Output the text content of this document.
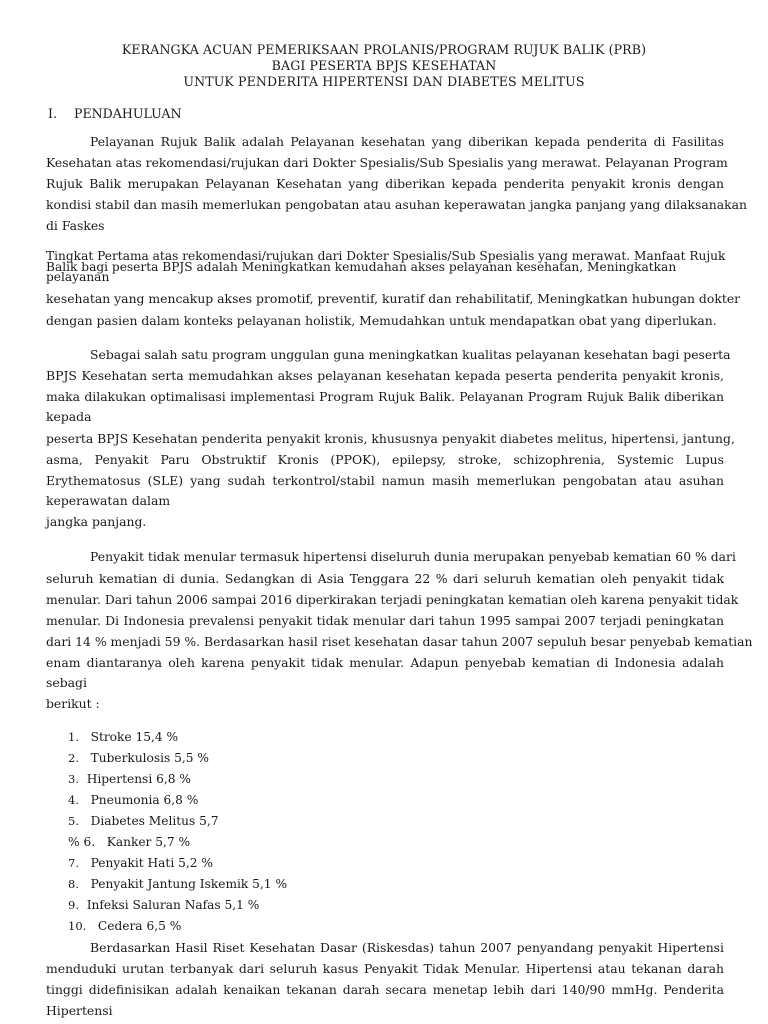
KERANGKA ACUAN PEMERIKSAAN PROLANIS/PROGRAM RUJUK BALIK (PRB)
BAGI PESERTA BPJS KESEHATAN
UNTUK PENDERITA HIPERTENSI DAN DIABETES MELITUS
I. PENDAHULUAN
Pelayanan Rujuk Balik adalah Pelayanan kesehatan yang diberikan kepada penderita di Fasilitas
Kesehatan atas rekomendasi/rujukan dari Dokter Spesialis/Sub Spesialis yang merawat. Pelayanan Program
Rujuk Balik merupakan Pelayanan Kesehatan yang diberikan kepada penderita penyakit kronis dengan
kondisi stabil dan masih memerlukan pengobatan atau asuhan keperawatan jangka panjang yang dilaksanakan
di Faskes
Tingkat Pertama atas rekomendasi/rujukan dari Dokter Spesialis/Sub Spesialis yang merawat. Manfaat Rujuk
Balik bagi peserta BPJS adalah Meningkatkan kemudahan akses pelayanan kesehatan, Meningkatkan
pelayanan
kesehatan yang mencakup akses promotif, preventif, kuratif dan rehabilitatif, Meningkatkan hubungan dokter
dengan pasien dalam konteks pelayanan holistik, Memudahkan untuk mendapatkan obat yang diperlukan.
Sebagai salah satu program unggulan guna meningkatkan kualitas pelayanan kesehatan bagi peserta
BPJS Kesehatan serta memudahkan akses pelayanan kesehatan kepada peserta penderita penyakit kronis,
maka dilakukan optimalisasi implementasi Program Rujuk Balik. Pelayanan Program Rujuk Balik diberikan
kepada
peserta BPJS Kesehatan penderita penyakit kronis, khususnya penyakit diabetes melitus, hipertensi, jantung,
asma, Penyakit Paru Obstruktif Kronis (PPOK), epilepsy, stroke, schizophrenia, Systemic Lupus
Erythematosus (SLE) yang sudah terkontrol/stabil namun masih memerlukan pengobatan atau asuhan
keperawatan dalam
jangka panjang.
Penyakit tidak menular termasuk hipertensi diseluruh dunia merupakan penyebab kematian 60 % dari
seluruh kematian di dunia. Sedangkan di Asia Tenggara 22 % dari seluruh kematian oleh penyakit tidak
menular. Dari tahun 2006 sampai 2016 diperkirakan terjadi peningkatan kematian oleh karena penyakit tidak
menular. Di Indonesia prevalensi penyakit tidak menular dari tahun 1995 sampai 2007 terjadi peningkatan
dari 14 % menjadi 59 %. Berdasarkan hasil riset kesehatan dasar tahun 2007 sepuluh besar penyebab kematian
enam diantaranya oleh karena penyakit tidak menular. Adapun penyebab kematian di Indonesia adalah
sebagi
berikut :
1. Stroke 15,4 %
2. Tuberkulosis 5,5 %
3. Hipertensi 6,8 %
4. Pneumonia 6,8 %
5. Diabetes Melitus 5,7
% 6. Kanker 5,7 %
7. Penyakit Hati 5,2 %
8. Penyakit Jantung Iskemik 5,1 %
9. Infeksi Saluran Nafas 5,1 %
10. Cedera 6,5 %
Berdasarkan Hasil Riset Kesehatan Dasar (Riskesdas) tahun 2007 penyandang penyakit Hipertensi
menduduki urutan terbanyak dari seluruh kasus Penyakit Tidak Menular. Hipertensi atau tekanan darah
tinggi didefinisikan adalah kenaikan tekanan darah secara menetap lebih dari 140/90 mmHg. Penderita
Hipertensi
